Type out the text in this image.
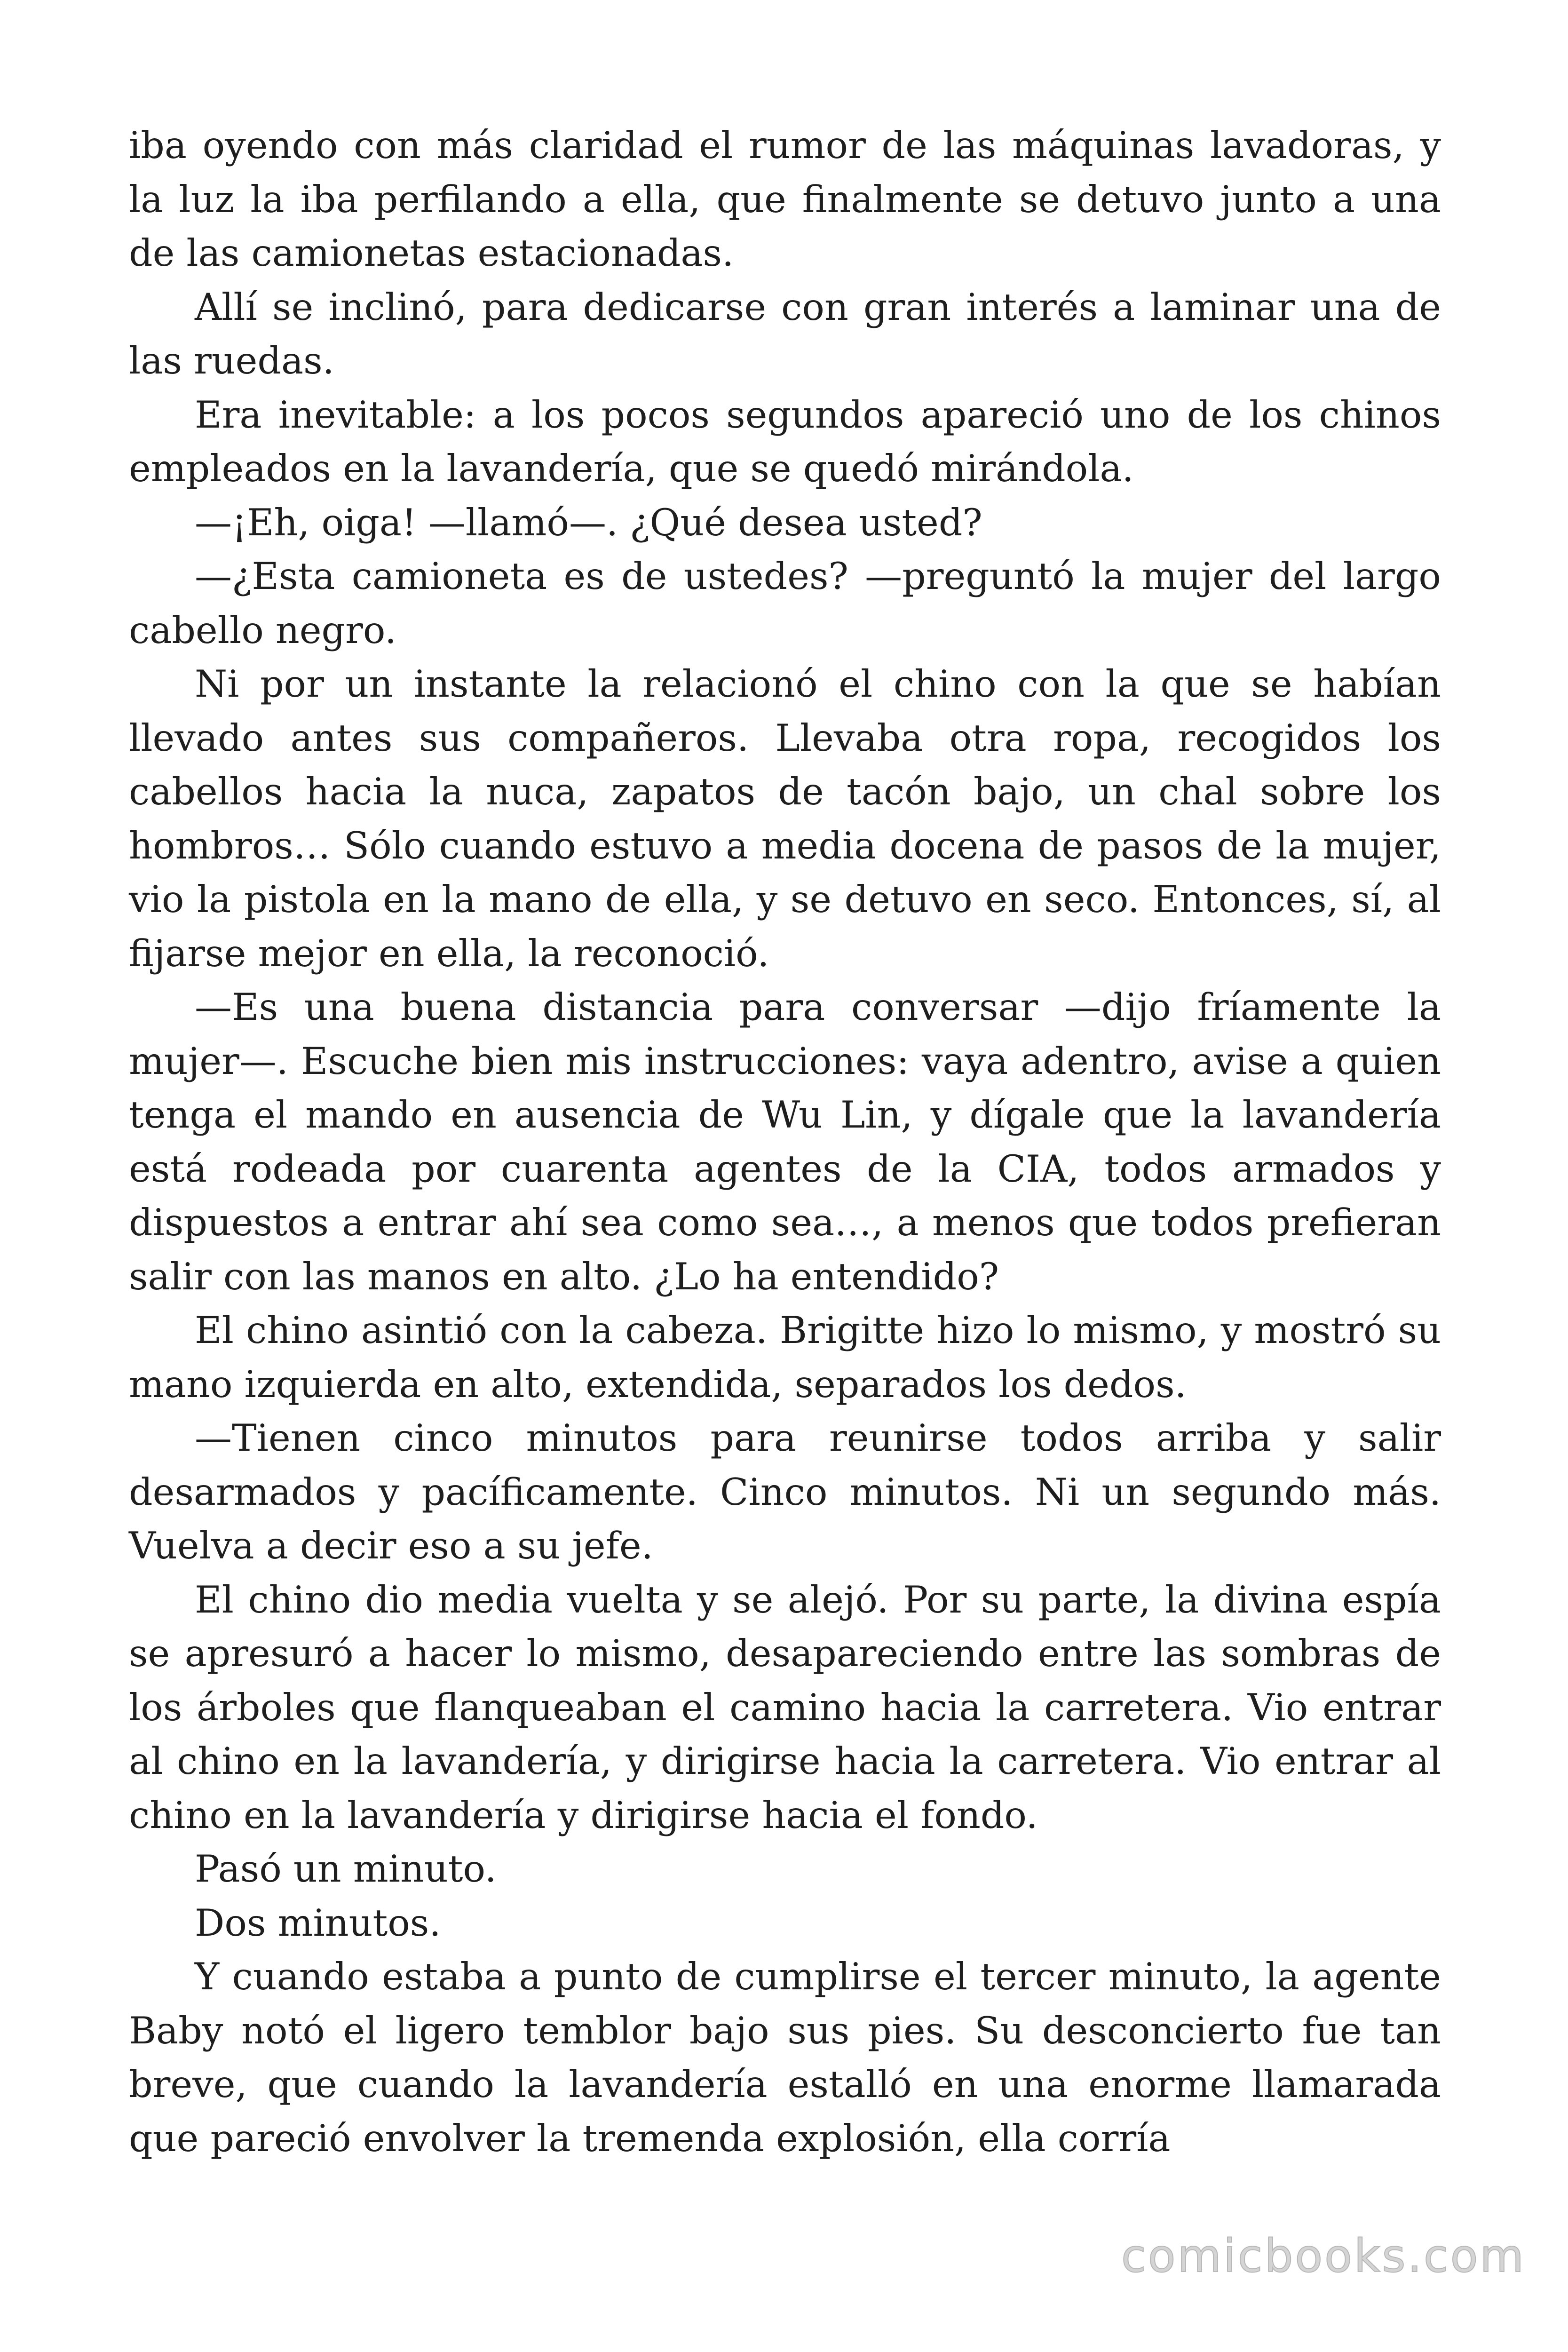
iba oyendo con más claridad el rumor de las máquinas lavadoras, y la luz la iba perfilando a ella, que finalmente se detuvo junto a una de las camionetas estacionadas.

Allí se inclinó, para dedicarse con gran interés a laminar una de las ruedas.

Era inevitable: a los pocos segundos apareció uno de los chinos empleados en la lavandería, que se quedó mirándola.

—¡Eh, oiga! —llamó—. ¿Qué desea usted?

—¿Esta camioneta es de ustedes? —preguntó la mujer del largo cabello negro.

Ni por un instante la relacionó el chino con la que se habían llevado antes sus compañeros. Llevaba otra ropa, recogidos los cabellos hacia la nuca, zapatos de tacón bajo, un chal sobre los hombros… Sólo cuando estuvo a media docena de pasos de la mujer, vio la pistola en la mano de ella, y se detuvo en seco. Entonces, sí, al fijarse mejor en ella, la reconoció.

—Es una buena distancia para conversar —dijo fríamente la mujer—. Escuche bien mis instrucciones: vaya adentro, avise a quien tenga el mando en ausencia de Wu Lin, y dígale que la lavandería está rodeada por cuarenta agentes de la CIA, todos armados y dispuestos a entrar ahí sea como sea…, a menos que todos prefieran salir con las manos en alto. ¿Lo ha entendido?

El chino asintió con la cabeza. Brigitte hizo lo mismo, y mostró su mano izquierda en alto, extendida, separados los dedos.

—Tienen cinco minutos para reunirse todos arriba y salir desarmados y pacíficamente. Cinco minutos. Ni un segundo más. Vuelva a decir eso a su jefe.

El chino dio media vuelta y se alejó. Por su parte, la divina espía se apresuró a hacer lo mismo, desapareciendo entre las sombras de los árboles que flanqueaban el camino hacia la carretera. Vio entrar al chino en la lavandería, y dirigirse hacia la carretera. Vio entrar al chino en la lavandería y dirigirse hacia el fondo.

Pasó un minuto.

Dos minutos.

Y cuando estaba a punto de cumplirse el tercer minuto, la agente Baby notó el ligero temblor bajo sus pies. Su desconcierto fue tan breve, que cuando la lavandería estalló en una enorme llamarada que pareció envolver la tremenda explosión, ella corría

comicbooks.com
